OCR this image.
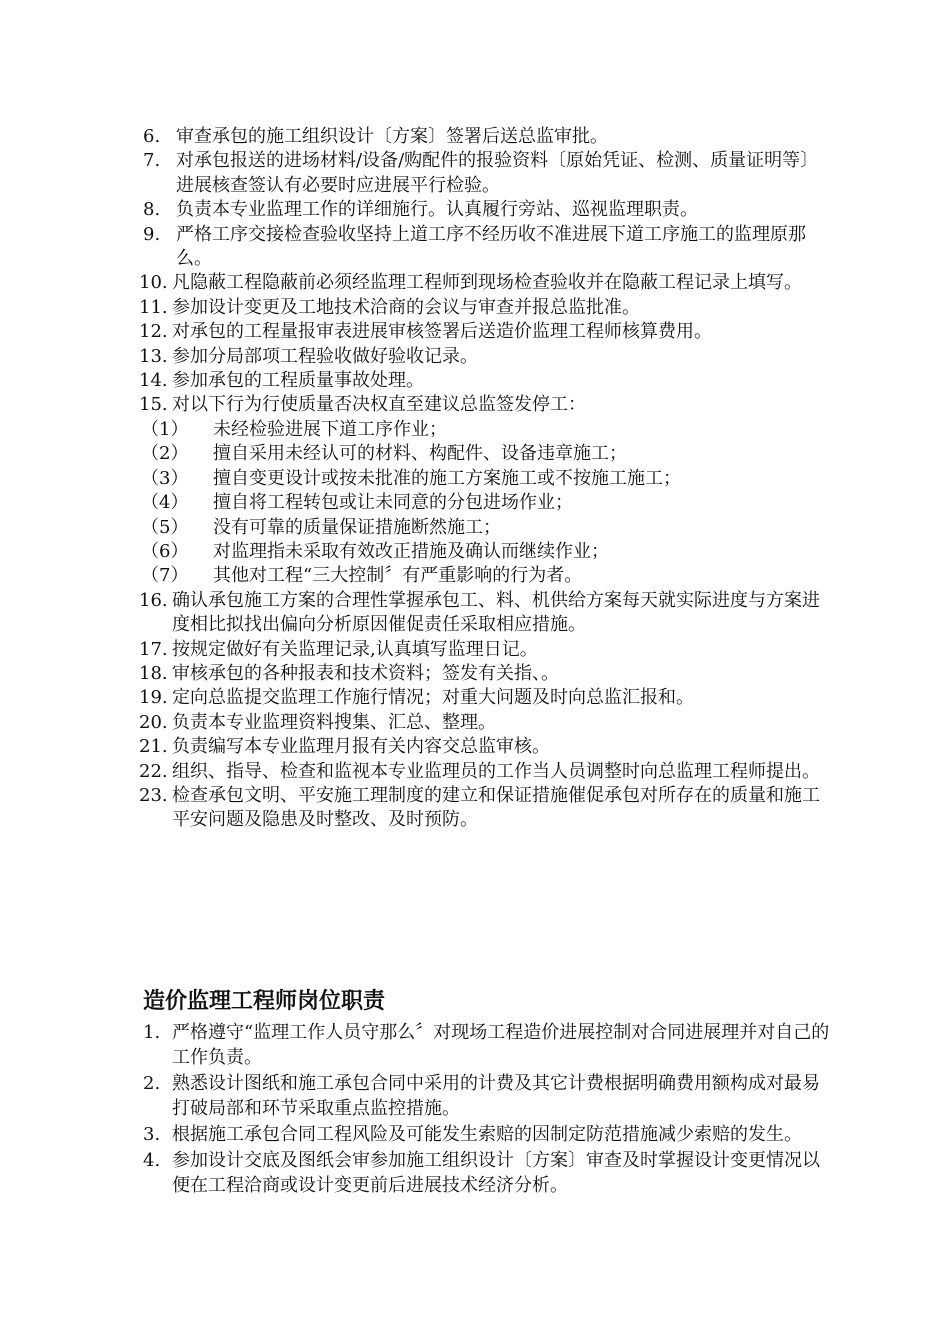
6. 审查承包的施工组织设计〔方案〕签署后送总监审批。
7. 对承包报送的进场材料/设备/购配件的报验资料〔原始凭证、检测、质量证明等〕进展核查签认有必要时应进展平行检验。
8. 负责本专业监理工作的详细施行。认真履行旁站、巡视监理职责。
9. 严格工序交接检查验收坚持上道工序不经历收不准进展下道工序施工的监理原那么。
10. 凡隐蔽工程隐蔽前必须经监理工程师到现场检查验收并在隐蔽工程记录上填写。
11. 参加设计变更及工地技术洽商的会议与审查并报总监批准。
12. 对承包的工程量报审表进展审核签署后送造价监理工程师核算费用。
13. 参加分局部项工程验收做好验收记录。
14. 参加承包的工程质量事故处理。
15. 对以下行为行使质量否决权直至建议总监签发停工：
（1）	未经检验进展下道工序作业；
（2）	擅自采用未经认可的材料、构配件、设备违章施工；
（3）	擅自变更设计或按未批准的施工方案施工或不按施工施工；
（4）	擅自将工程转包或让未同意的分包进场作业；
（5）	没有可靠的质量保证措施断然施工；
（6）	对监理指未采取有效改正措施及确认而继续作业；
（7）	其他对工程“三大控制〞有严重影响的行为者。
16. 确认承包施工方案的合理性掌握承包工、料、机供给方案每天就实际进度与方案进度相比拟找出偏向分析原因催促责任采取相应措施。
17. 按规定做好有关监理记录,认真填写监理日记。
18. 审核承包的各种报表和技术资料；签发有关指、。
19. 定向总监提交监理工作施行情况；对重大问题及时向总监汇报和。
20. 负责本专业监理资料搜集、汇总、整理。
21. 负责编写本专业监理月报有关内容交总监审核。
22. 组织、指导、检查和监视本专业监理员的工作当人员调整时向总监理工程师提出。
23. 检查承包文明、平安施工理制度的建立和保证措施催促承包对所存在的质量和施工平安问题及隐患及时整改、及时预防。
造价监理工程师岗位职责
1. 严格遵守“监理工作人员守那么〞对现场工程造价进展控制对合同进展理并对自己的工作负责。
2. 熟悉设计图纸和施工承包合同中采用的计费及其它计费根据明确费用额构成对最易打破局部和环节采取重点监控措施。
3. 根据施工承包合同工程风险及可能发生索赔的因制定防范措施减少索赔的发生。
4. 参加设计交底及图纸会审参加施工组织设计〔方案〕审查及时掌握设计变更情况以便在工程洽商或设计变更前后进展技术经济分析。
